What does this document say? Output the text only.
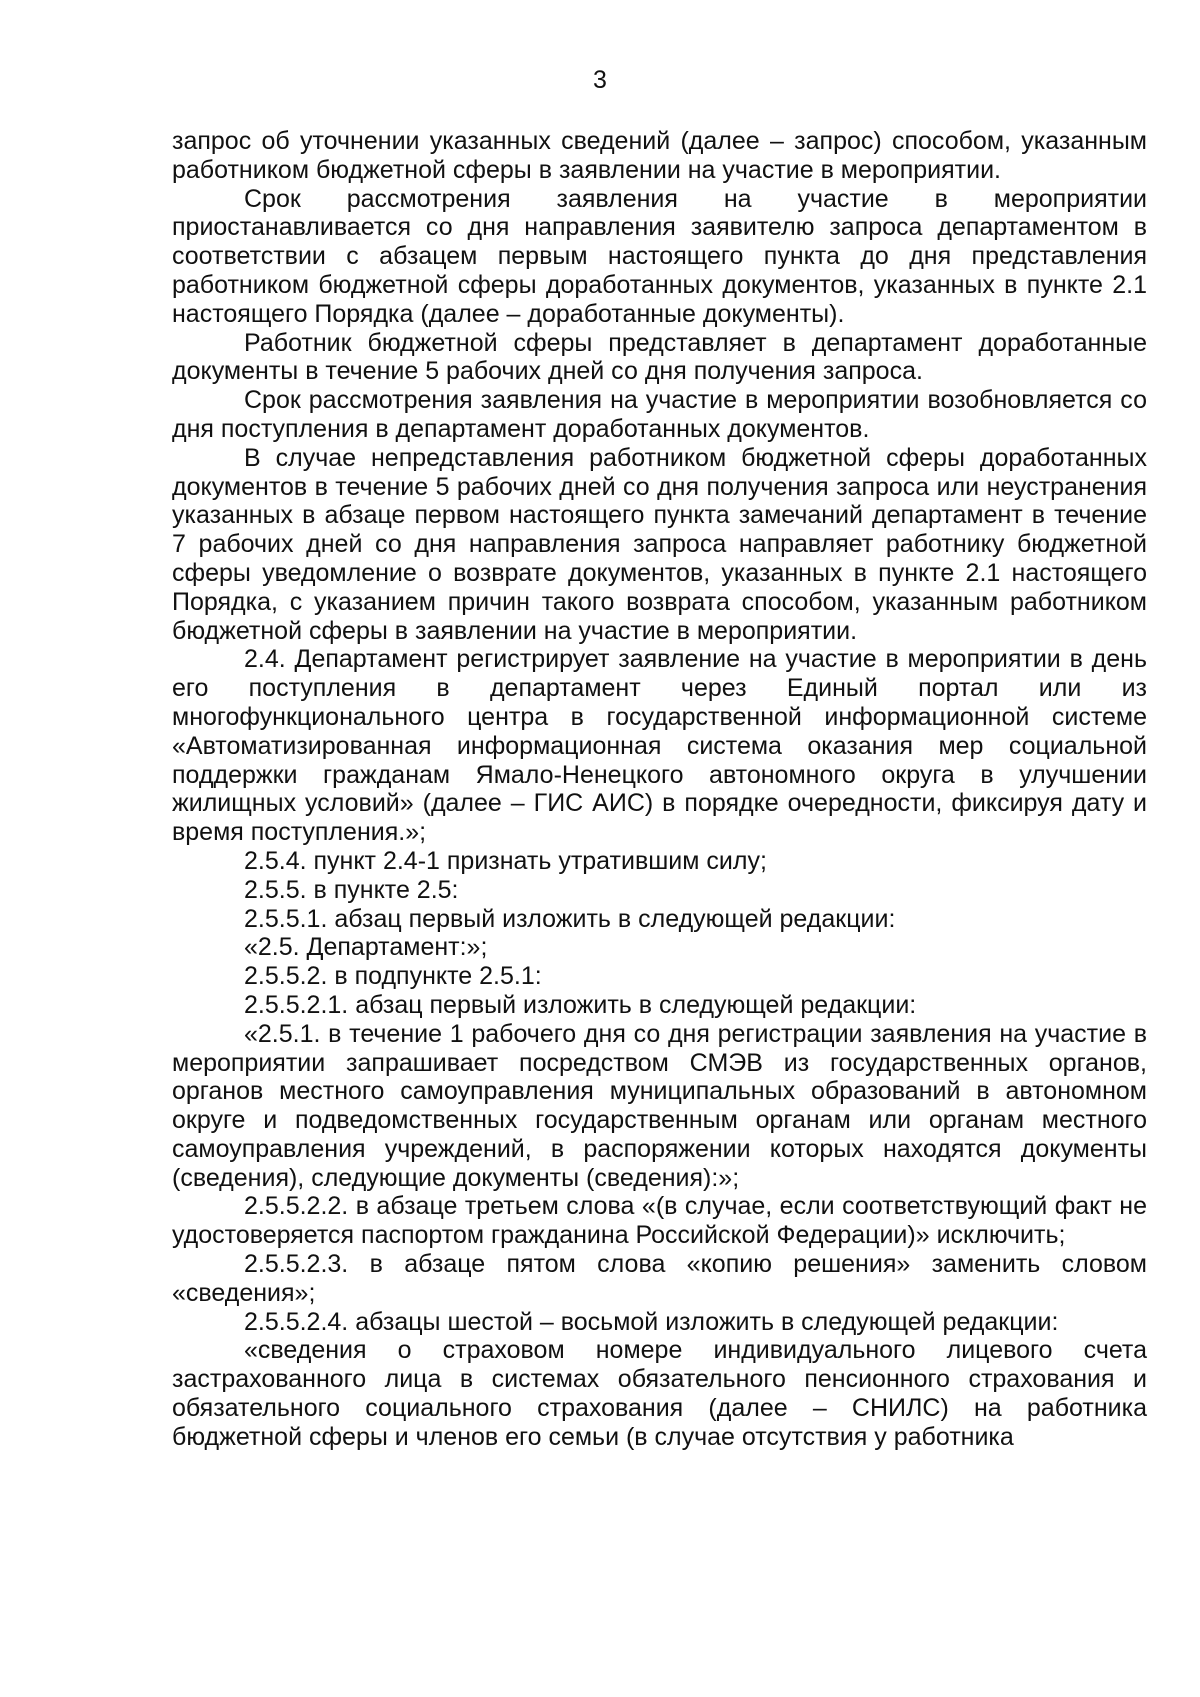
3

запрос об уточнении указанных сведений (далее – запрос) способом, указанным работником бюджетной сферы в заявлении на участие в мероприятии.

Срок рассмотрения заявления на участие в мероприятии приостанавливается со дня направления заявителю запроса департаментом в соответствии с абзацем первым настоящего пункта до дня представления работником бюджетной сферы доработанных документов, указанных в пункте 2.1 настоящего Порядка (далее – доработанные документы).

Работник бюджетной сферы представляет в департамент доработанные документы в течение 5 рабочих дней со дня получения запроса.

Срок рассмотрения заявления на участие в мероприятии возобновляется со дня поступления в департамент доработанных документов.

В случае непредставления работником бюджетной сферы доработанных документов в течение 5 рабочих дней со дня получения запроса или неустранения указанных в абзаце первом настоящего пункта замечаний департамент в течение 7 рабочих дней со дня направления запроса направляет работнику бюджетной сферы уведомление о возврате документов, указанных в пункте 2.1 настоящего Порядка, с указанием причин такого возврата способом, указанным работником бюджетной сферы в заявлении на участие в мероприятии.

2.4. Департамент регистрирует заявление на участие в мероприятии в день его поступления в департамент через Единый портал или из многофункционального центра в государственной информационной системе «Автоматизированная информационная система оказания мер социальной поддержки гражданам Ямало-Ненецкого автономного округа в улучшении жилищных условий» (далее – ГИС АИС) в порядке очередности, фиксируя дату и время поступления.»;

2.5.4. пункт 2.4-1 признать утратившим силу;

2.5.5. в пункте 2.5:

2.5.5.1. абзац первый изложить в следующей редакции:

«2.5. Департамент:»;

2.5.5.2. в подпункте 2.5.1:

2.5.5.2.1. абзац первый изложить в следующей редакции:

«2.5.1. в течение 1 рабочего дня со дня регистрации заявления на участие в мероприятии запрашивает посредством СМЭВ из государственных органов, органов местного самоуправления муниципальных образований в автономном округе и подведомственных государственным органам или органам местного самоуправления учреждений, в распоряжении которых находятся документы (сведения), следующие документы (сведения):»;

2.5.5.2.2. в абзаце третьем слова «(в случае, если соответствующий факт не удостоверяется паспортом гражданина Российской Федерации)» исключить;

2.5.5.2.3. в абзаце пятом слова «копию решения» заменить словом «сведения»;

2.5.5.2.4. абзацы шестой – восьмой изложить в следующей редакции:

«сведения о страховом номере индивидуального лицевого счета застрахованного лица в системах обязательного пенсионного страхования и обязательного социального страхования (далее – СНИЛС) на работника бюджетной сферы и членов его семьи (в случае отсутствия у работника
